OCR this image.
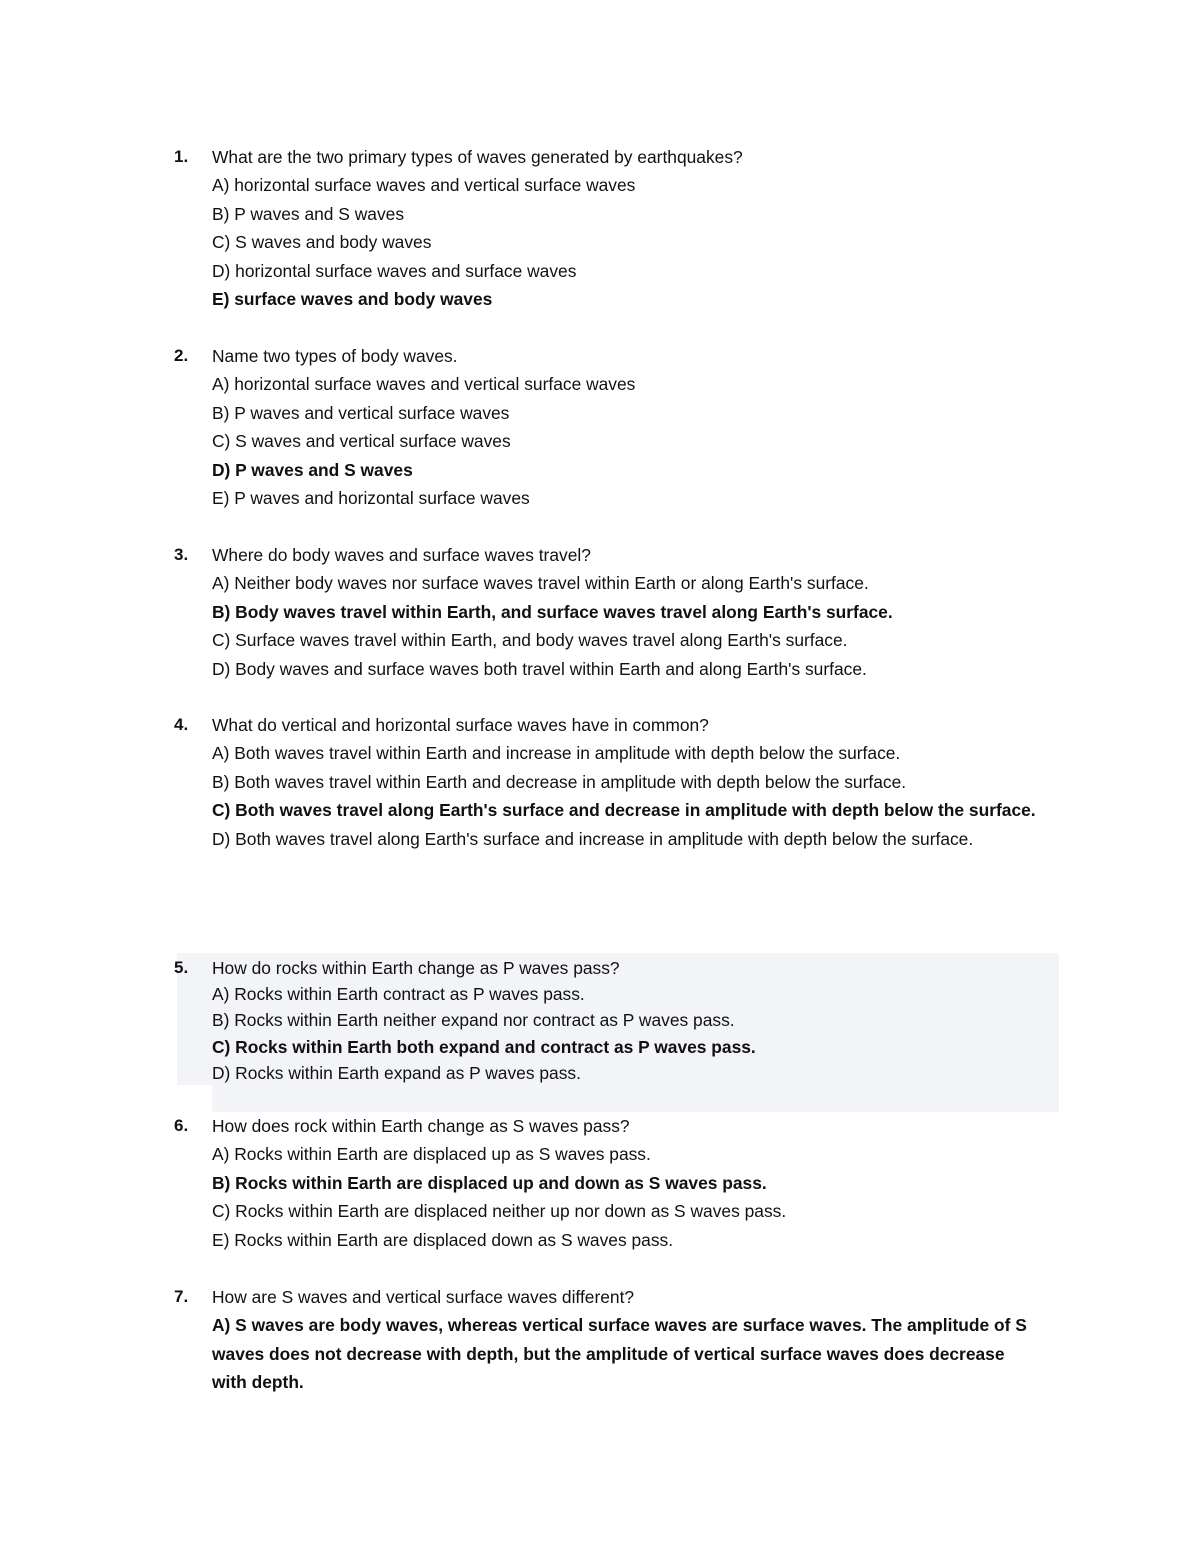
1.	What are the two primary types of waves generated by earthquakes?
A) horizontal surface waves and vertical surface waves
B) P waves and S waves
C) S waves and body waves
D) horizontal surface waves and surface waves
E) surface waves and body waves
2.	Name two types of body waves.
A) horizontal surface waves and vertical surface waves
B) P waves and vertical surface waves
C) S waves and vertical surface waves
D) P waves and S waves
E) P waves and horizontal surface waves
3.	Where do body waves and surface waves travel?
A) Neither body waves nor surface waves travel within Earth or along Earth's surface.
B) Body waves travel within Earth, and surface waves travel along Earth's surface.
C) Surface waves travel within Earth, and body waves travel along Earth's surface.
D) Body waves and surface waves both travel within Earth and along Earth's surface.
4.	What do vertical and horizontal surface waves have in common?
A) Both waves travel within Earth and increase in amplitude with depth below the surface.
B) Both waves travel within Earth and decrease in amplitude with depth below the surface.
C) Both waves travel along Earth's surface and decrease in amplitude with depth below the surface.
D) Both waves travel along Earth's surface and increase in amplitude with depth below the surface.
5.	How do rocks within Earth change as P waves pass?
A) Rocks within Earth contract as P waves pass.
B) Rocks within Earth neither expand nor contract as P waves pass.
C) Rocks within Earth both expand and contract as P waves pass.
D) Rocks within Earth expand as P waves pass.
6.	How does rock within Earth change as S waves pass?
A) Rocks within Earth are displaced up as S waves pass.
B) Rocks within Earth are displaced up and down as S waves pass.
C) Rocks within Earth are displaced neither up nor down as S waves pass.
E) Rocks within Earth are displaced down as S waves pass.
7.	How are S waves and vertical surface waves different?
A) S waves are body waves, whereas vertical surface waves are surface waves. The amplitude of S waves does not decrease with depth, but the amplitude of vertical surface waves does decrease with depth.
